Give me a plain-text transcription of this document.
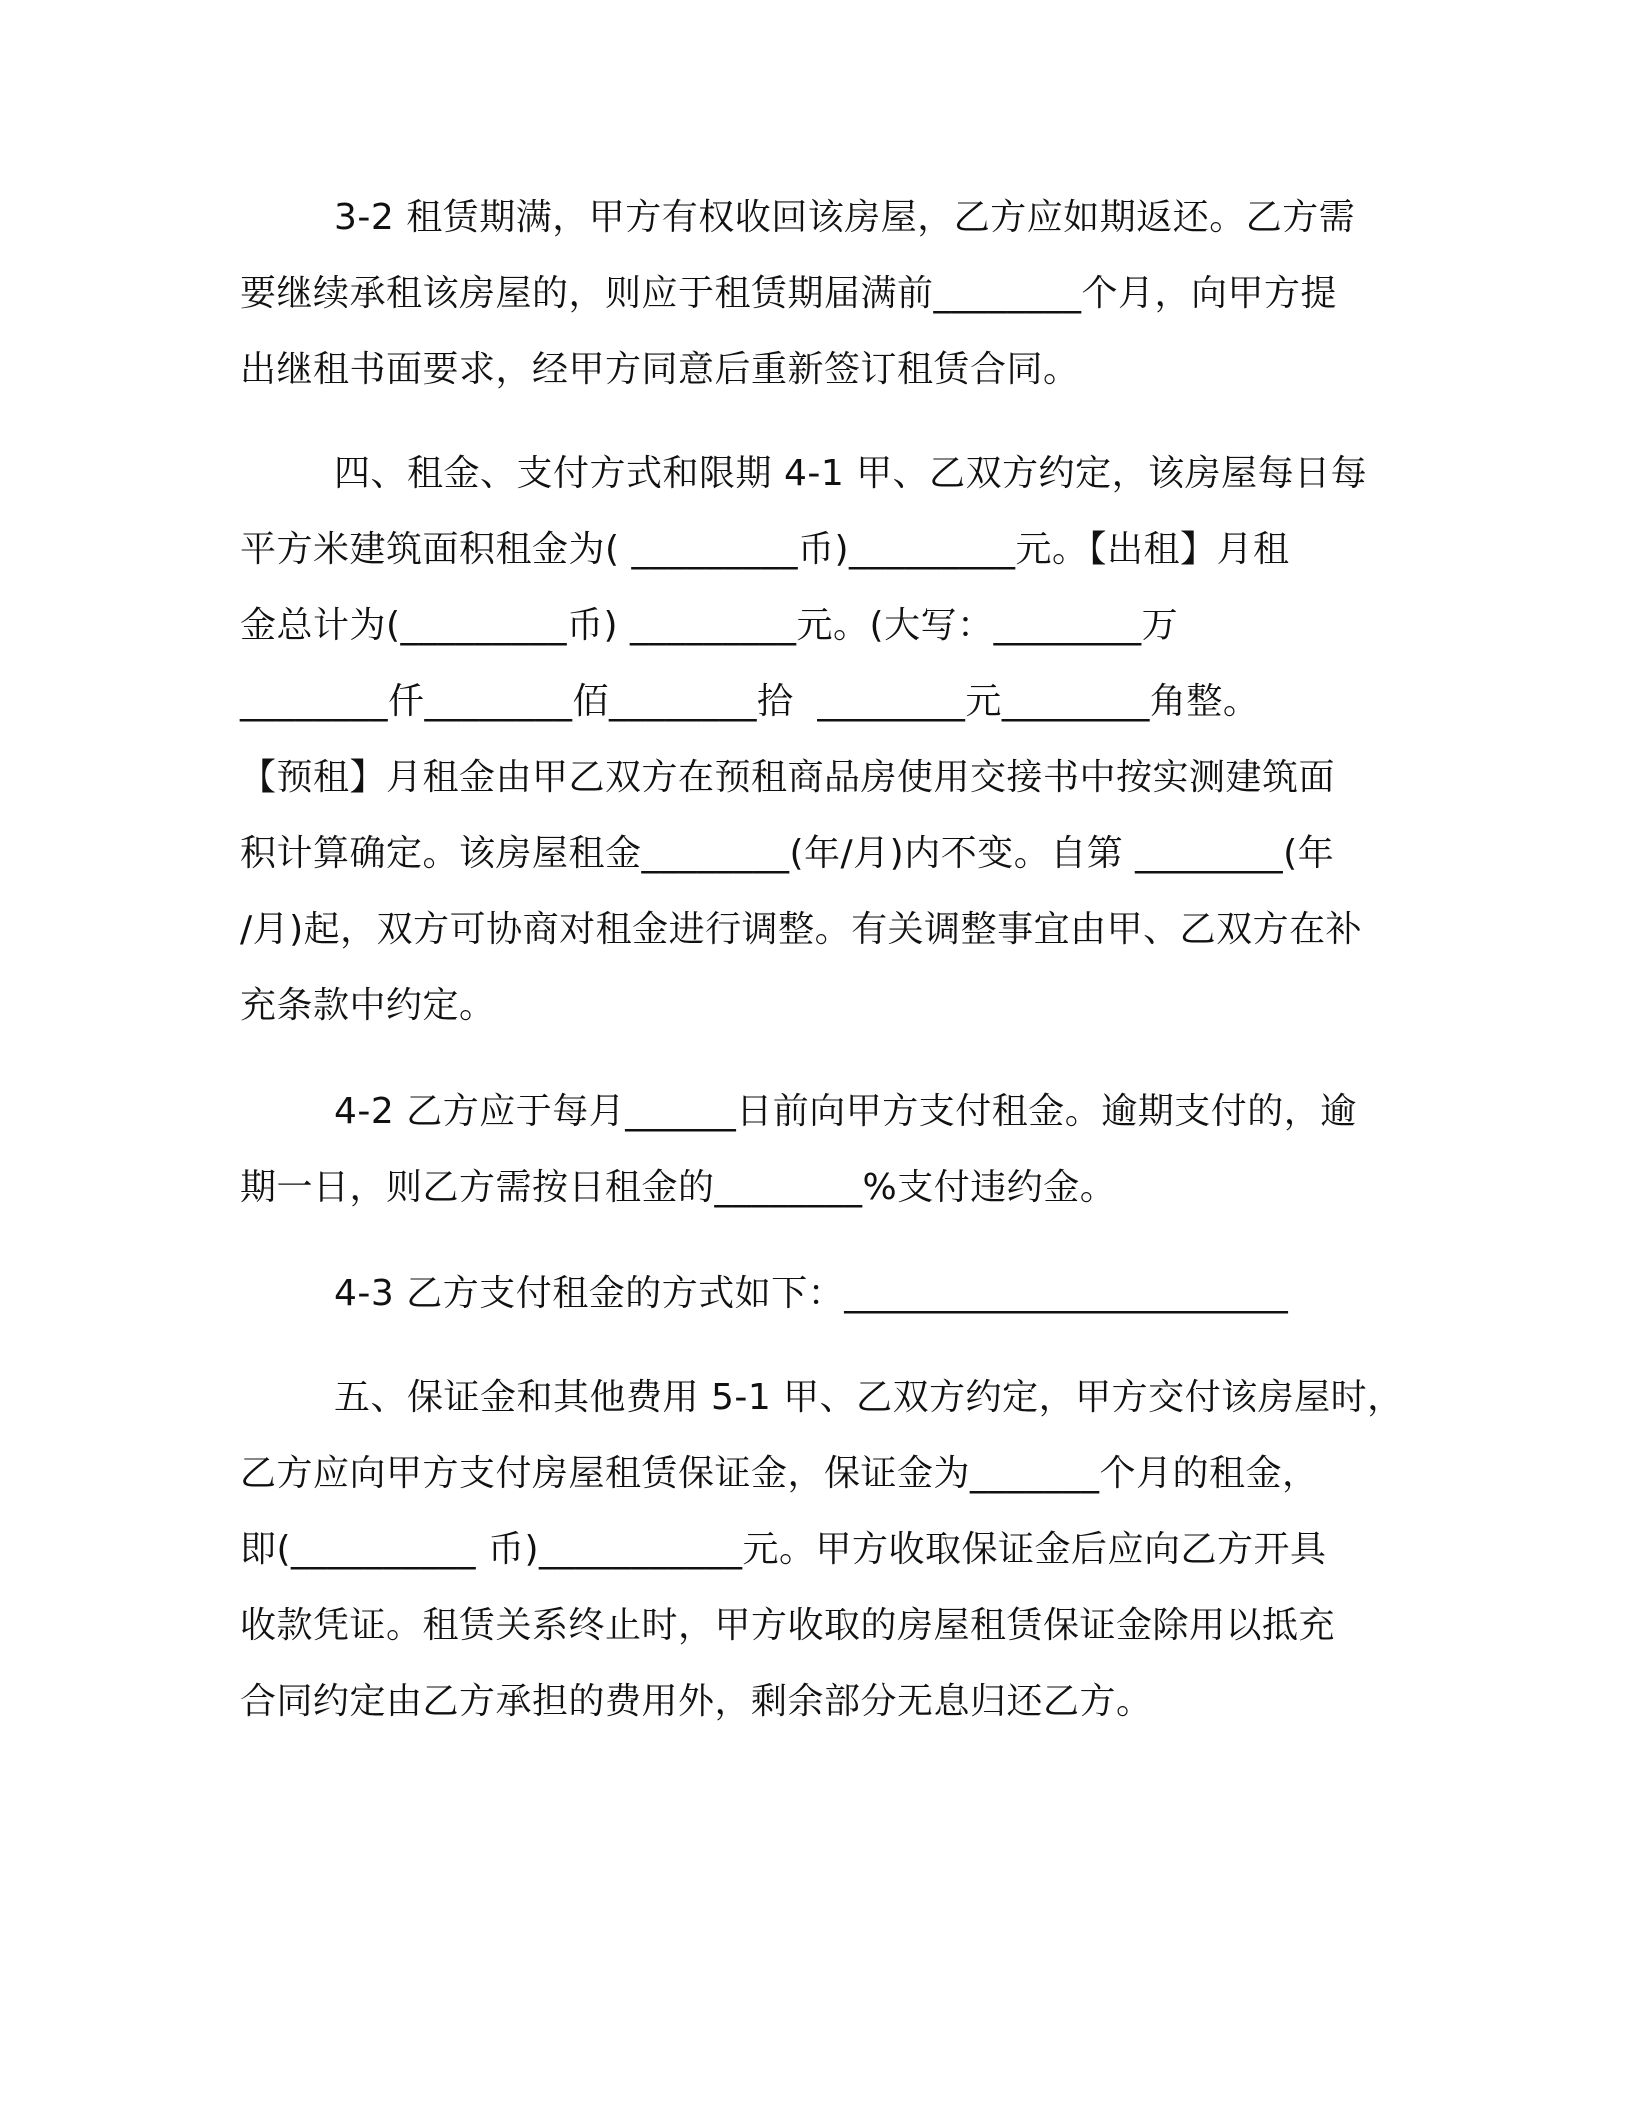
3-2 租赁期满，甲方有权收回该房屋，乙方应如期返还。乙方需
要继续承租该房屋的，则应于租赁期届满前________个月，向甲方提
出继租书面要求，经甲方同意后重新签订租赁合同。
四、租金、支付方式和限期 4-1 甲、乙双方约定，该房屋每日每
平方米建筑面积租金为( _________币)_________元。【出租】月租
金总计为(_________币) _________元。(大写：________万
________仟________佰________拾  ________元________角整。
【预租】月租金由甲乙双方在预租商品房使用交接书中按实测建筑面
积计算确定。该房屋租金________(年/月)内不变。自第 ________(年
/月)起，双方可协商对租金进行调整。有关调整事宜由甲、乙双方在补
充条款中约定。
4-2 乙方应于每月______日前向甲方支付租金。逾期支付的，逾
期一日，则乙方需按日租金的________%支付违约金。
4-3 乙方支付租金的方式如下：________________________
五、保证金和其他费用 5-1 甲、乙双方约定，甲方交付该房屋时，
乙方应向甲方支付房屋租赁保证金，保证金为_______个月的租金，
即(__________ 币)___________元。甲方收取保证金后应向乙方开具
收款凭证。租赁关系终止时，甲方收取的房屋租赁保证金除用以抵充
合同约定由乙方承担的费用外，剩余部分无息归还乙方。
